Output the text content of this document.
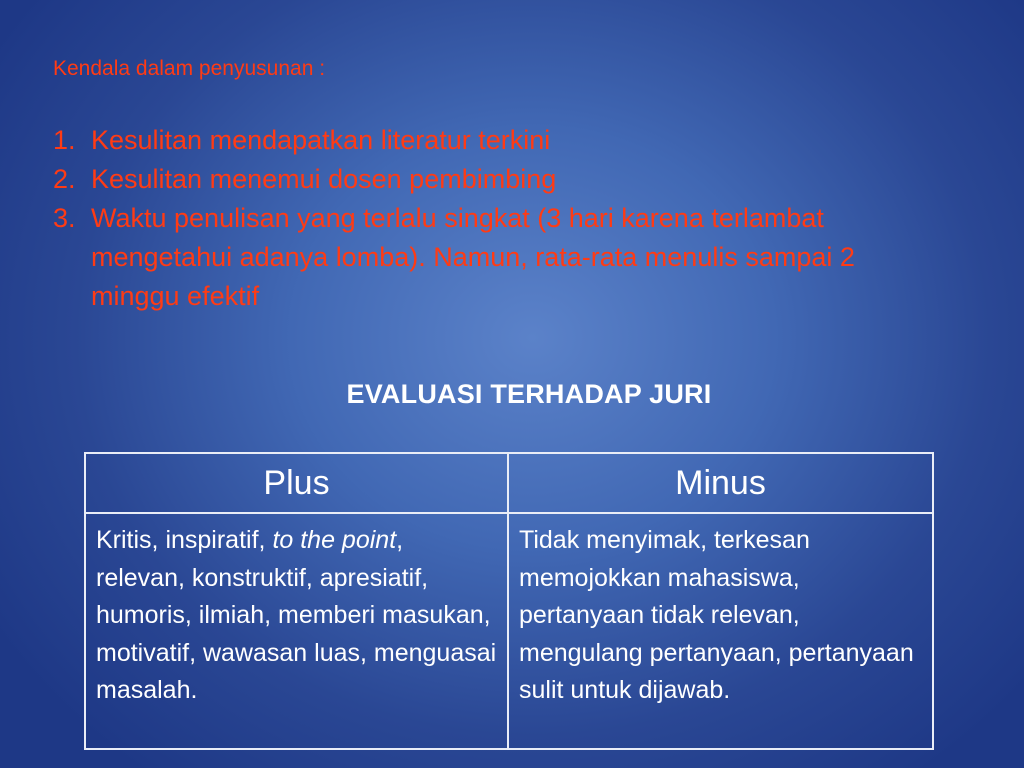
Kendala dalam penyusunan :
1. Kesulitan mendapatkan literatur terkini
2. Kesulitan menemui dosen pembimbing
3. Waktu penulisan yang terlalu singkat (3 hari karena terlambat mengetahui adanya lomba). Namun, rata-rata menulis sampai 2 minggu efektif
EVALUASI TERHADAP JURI
Plus	Minus
Kritis, inspiratif, to the point, relevan, konstruktif, apresiatif, humoris, ilmiah, memberi masukan, motivatif, wawasan luas, menguasai masalah.	Tidak menyimak, terkesan memojokkan mahasiswa, pertanyaan tidak relevan, mengulang pertanyaan, pertanyaan sulit untuk dijawab.
